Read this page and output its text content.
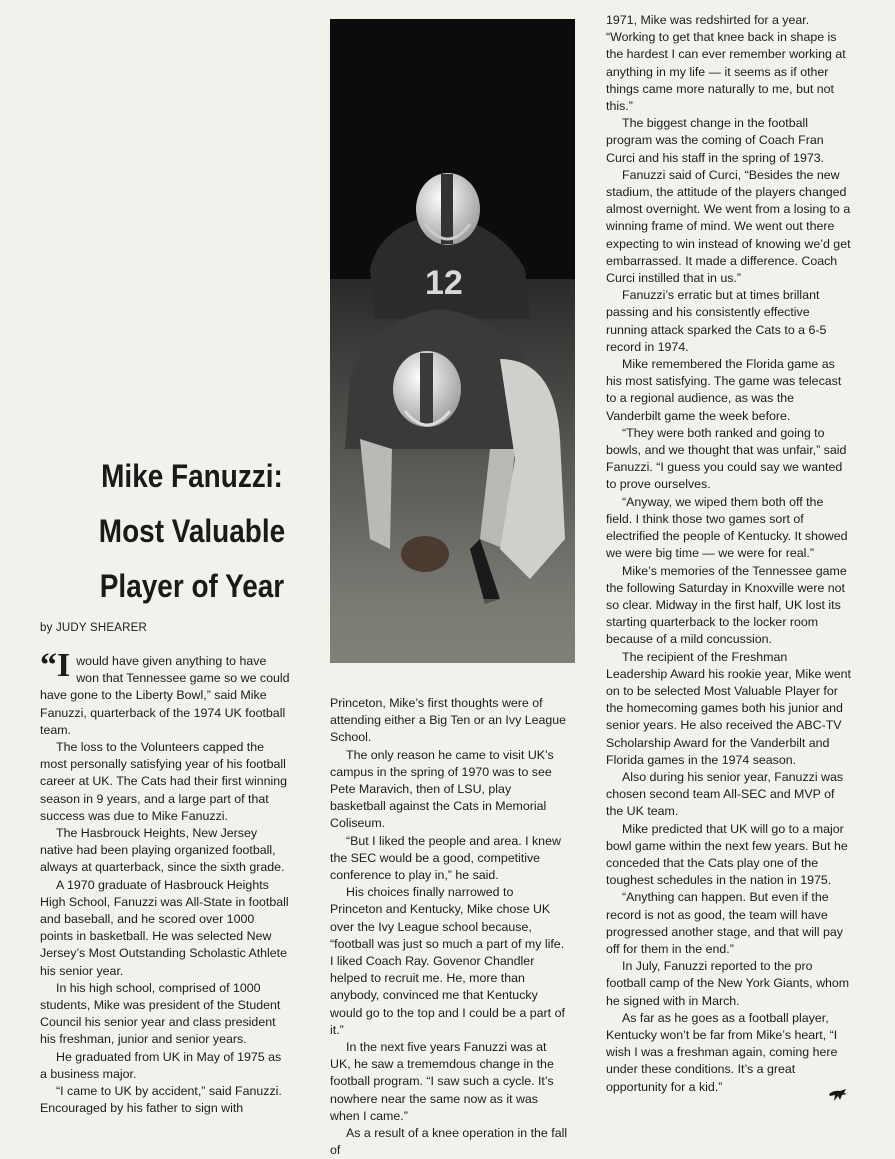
12
L. CYRUS
Mike Fanuzzi:
Most Valuable
Player of Year
by JUDY SHEARER

“Iwould have given anything to have won that Tennessee game so we could have gone to the Liberty Bowl,” said Mike Fanuzzi, quarterback of the 1974 UK football team.

The loss to the Volunteers capped the most personally satisfying year of his football career at UK. The Cats had their first winning season in 9 years, and a large part of that success was due to Mike Fanuzzi.

The Hasbrouck Heights, New Jersey native had been playing organized football, always at quarterback, since the sixth grade.

A 1970 graduate of Hasbrouck Heights High School, Fanuzzi was All-State in football and baseball, and he scored over 1000 points in basketball. He was selected New Jersey’s Most Outstanding Scholastic Athlete his senior year.

In his high school, comprised of 1000 students, Mike was president of the Student Council his senior year and class president his freshman, junior and senior years.

He graduated from UK in May of 1975 as a business major.

“I came to UK by accident,” said Fanuzzi. Encouraged by his father to sign with

Princeton, Mike’s first thoughts were of attending either a Big Ten or an Ivy League School.

The only reason he came to visit UK’s campus in the spring of 1970 was to see Pete Maravich, then of LSU, play basketball against the Cats in Memorial Coliseum.

“But I liked the people and area. I knew the SEC would be a good, competitive conference to play in,” he said.

His choices finally narrowed to Princeton and Kentucky, Mike chose UK over the Ivy League school because, “football was just so much a part of my life. I liked Coach Ray. Govenor Chandler helped to recruit me. He, more than anybody, convinced me that Kentucky would go to the top and I could be a part of it.”

In the next five years Fanuzzi was at UK, he saw a trememdous change in the football program. “I saw such a cycle. It’s nowhere near the same now as it was when I came.”

As a result of a knee operation in the fall of

1971, Mike was redshirted for a year. “Working to get that knee back in shape is the hardest I can ever remember working at anything in my life — it seems as if other things came more naturally to me, but not this.”

The biggest change in the football program was the coming of Coach Fran Curci and his staff in the spring of 1973.

Fanuzzi said of Curci, “Besides the new stadium, the attitude of the players changed almost overnight. We went from a losing to a winning frame of mind. We went out there expecting to win instead of knowing we’d get embarrassed. It made a difference. Coach Curci instilled that in us.”

Fanuzzi’s erratic but at times brillant passing and his consistently effective running attack sparked the Cats to a 6-5 record in 1974.

Mike remembered the Florida game as his most satisfying. The game was telecast to a regional audience, as was the Vanderbilt game the week before.

“They were both ranked and going to bowls, and we thought that was unfair,” said Fanuzzi. “I guess you could say we wanted to prove ourselves.

“Anyway, we wiped them both off the field. I think those two games sort of electrified the people of Kentucky. It showed we were big time — we were for real.”

Mike’s memories of the Tennessee game the following Saturday in Knoxville were not so clear. Midway in the first half, UK lost its starting quarterback to the locker room because of a mild concussion.

The recipient of the Freshman Leadership Award his rookie year, Mike went on to be selected Most Valuable Player for the homecoming games both his junior and senior years. He also received the ABC-TV Scholarship Award for the Vanderbilt and Florida games in the 1974 season.

Also during his senior year, Fanuzzi was chosen second team All-SEC and MVP of the UK team.

Mike predicted that UK will go to a major bowl game within the next few years. But he conceded that the Cats play one of the toughest schedules in the nation in 1975.

“Anything can happen. But even if the record is not as good, the team will have progressed another stage, and that will pay off for them in the end.”

In July, Fanuzzi reported to the pro football camp of the New York Giants, whom he signed with in March.

As far as he goes as a football player, Kentucky won’t be far from Mike’s heart, “I wish I was a freshman again, coming here under these conditions. It’s a great opportunity for a kid.”
